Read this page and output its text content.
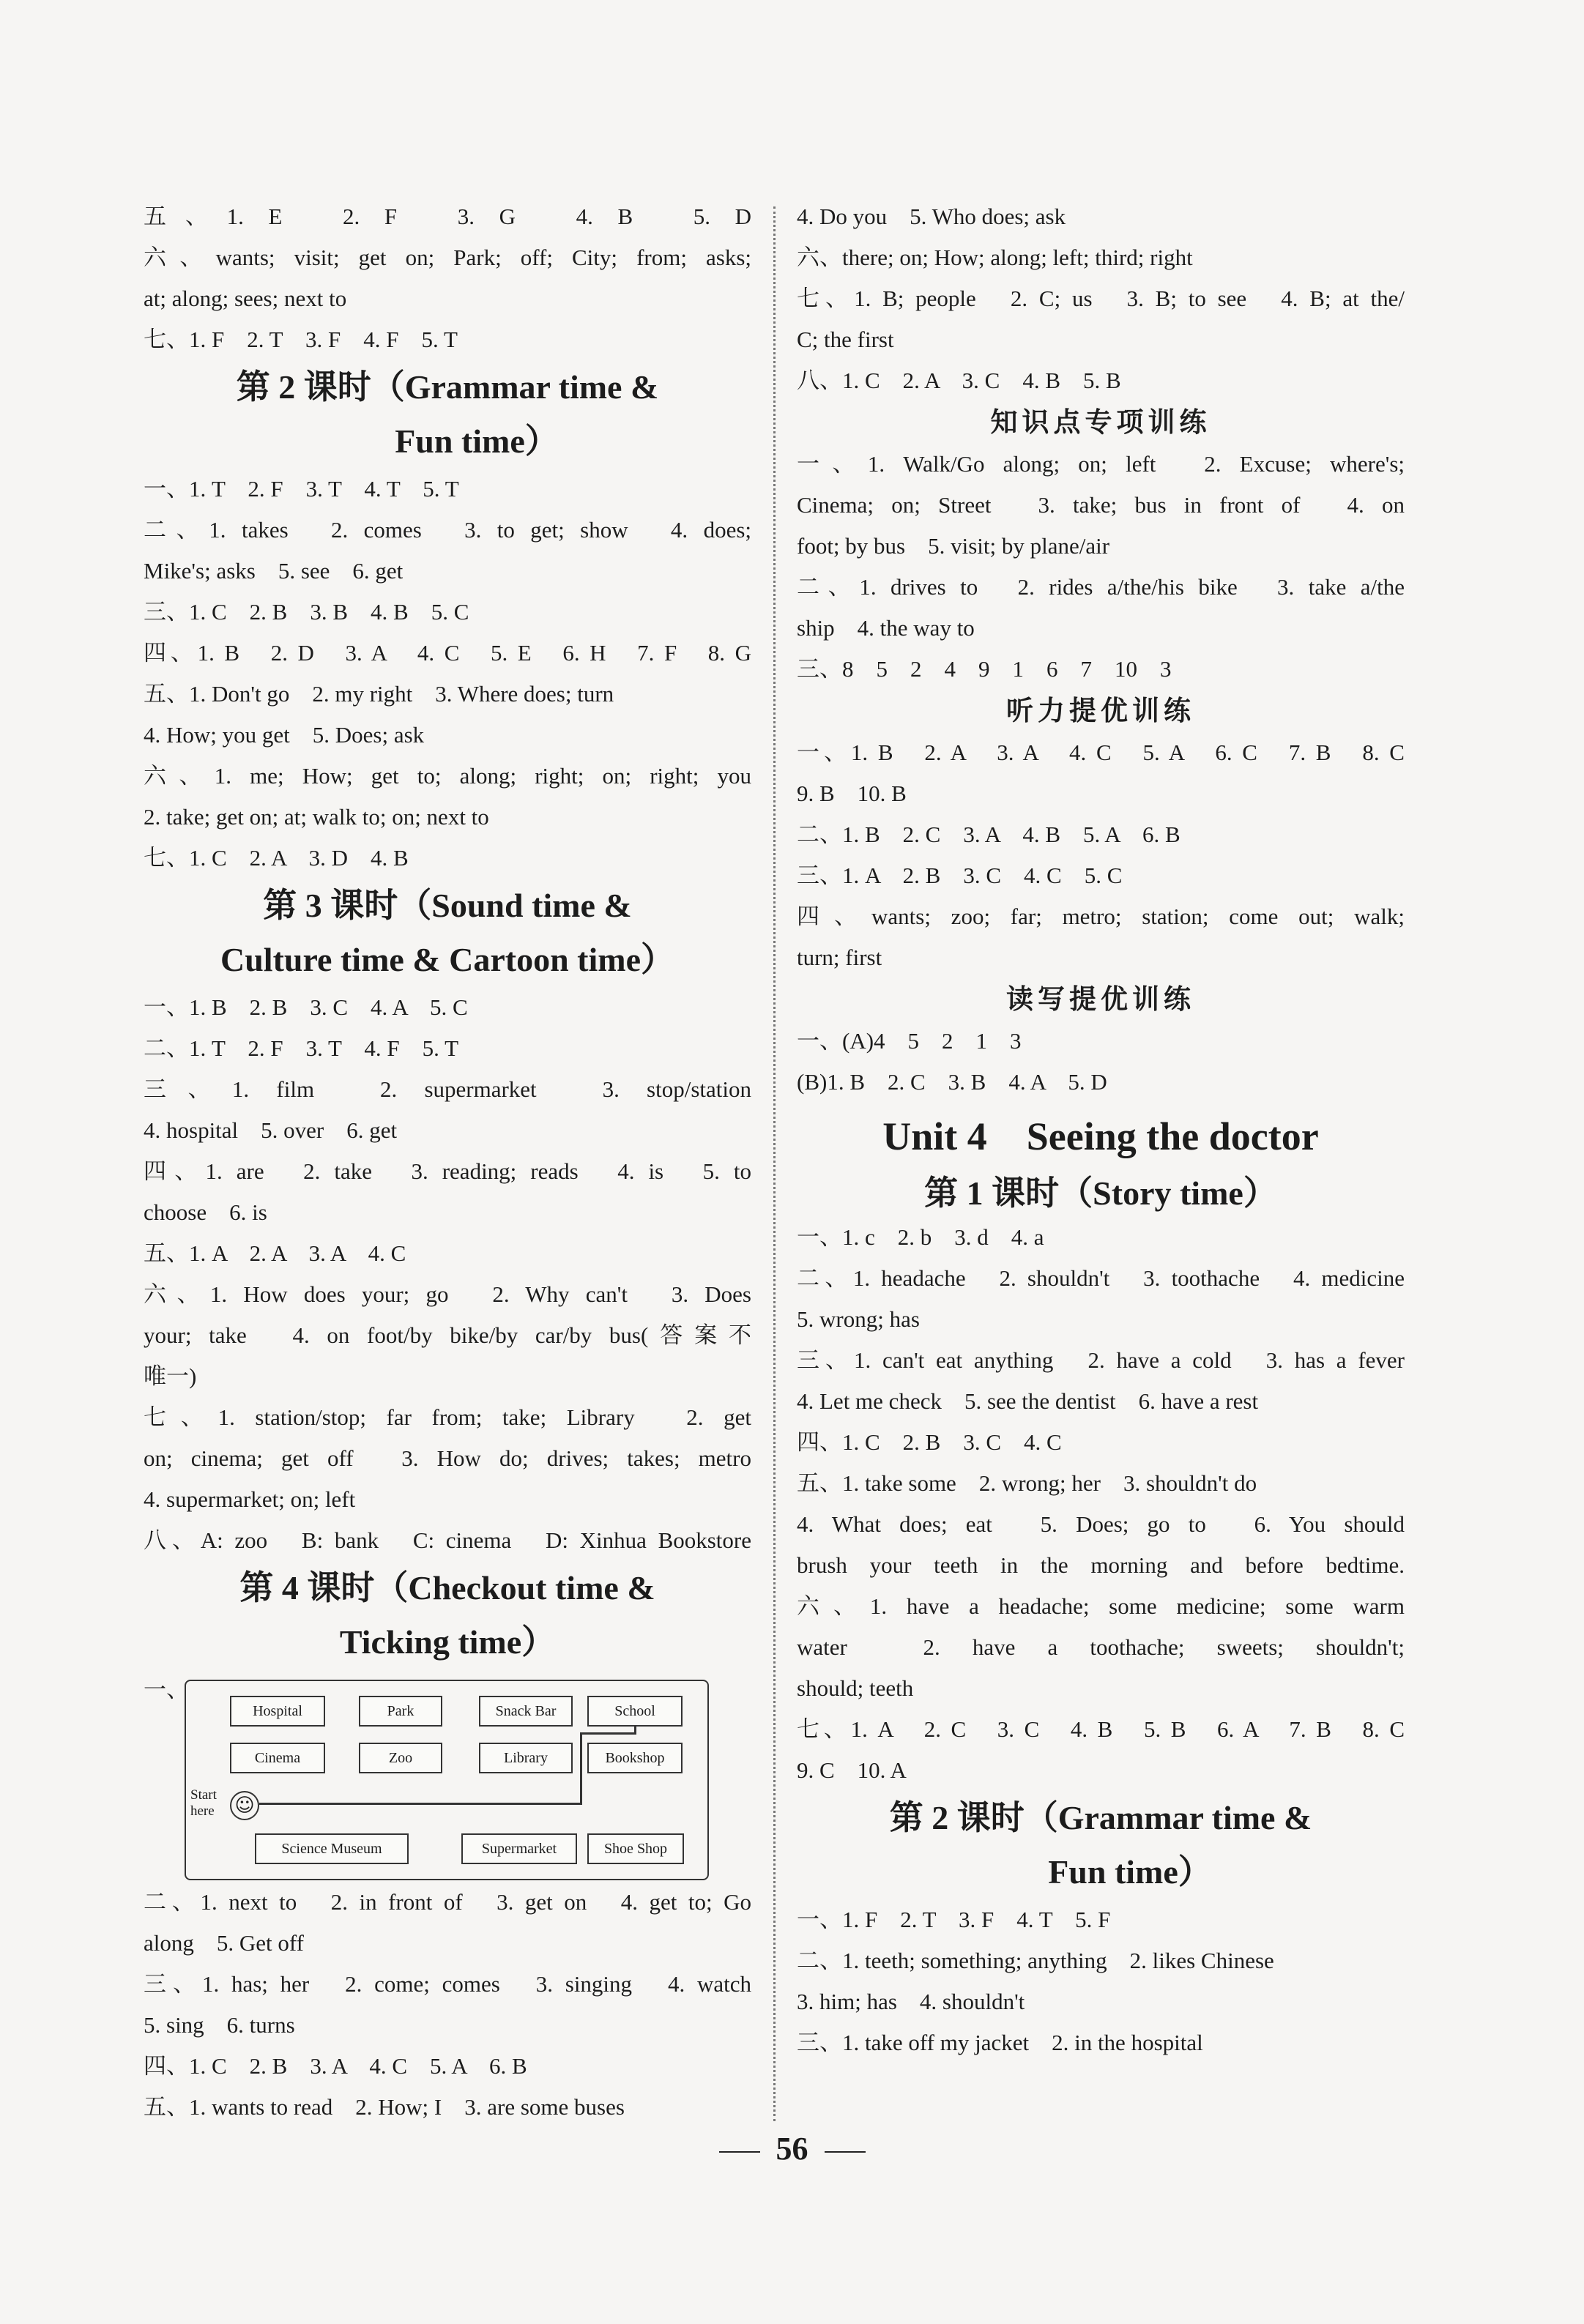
五、1. E　2. F　3. G　4. B　5. D
六、wants; visit; get on; Park; off; City; from; asks;
at; along; sees; next to
七、1. F　2. T　3. F　4. F　5. T
第 2 课时（Grammar time &
Fun time）
一、1. T　2. F　3. T　4. T　5. T
二、1. takes　2. comes　3. to get; show　4. does;
Mike's; asks　5. see　6. get
三、1. C　2. B　3. B　4. B　5. C
四、1. B　2. D　3. A　4. C　5. E　6. H　7. F　8. G
五、1. Don't go　2. my right　3. Where does; turn
4. How; you get　5. Does; ask
六、1. me; How; get to; along; right; on; right; you
2. take; get on; at; walk to; on; next to
七、1. C　2. A　3. D　4. B
第 3 课时（Sound time &
Culture time & Cartoon time）
一、1. B　2. B　3. C　4. A　5. C
二、1. T　2. F　3. T　4. F　5. T
三、1. film　2. supermarket　3. stop/station
4. hospital　5. over　6. get
四、1. are　2. take　3. reading; reads　4. is　5. to
choose　6. is
五、1. A　2. A　3. A　4. C
六、1. How does your; go　2. Why can't　3. Does
your; take　4. on foot/by bike/by car/by bus(答案不
唯一)
七、1. station/stop; far from; take; Library　2. get
on; cinema; get off　3. How do; drives; takes; metro
4. supermarket; on; left
八、A: zoo　B: bank　C: cinema　D: Xinhua Bookstore
第 4 课时（Checkout time &
Ticking time）
一、
Hospital	Park	Snack Bar	School
Cinema	Zoo	Library	Bookshop
Science Museum	Supermarket	Shoe Shop
Start
here ☺
二、1. next to　2. in front of　3. get on　4. get to; Go
along　5. Get off
三、1. has; her　2. come; comes　3. singing　4. watch
5. sing　6. turns
四、1. C　2. B　3. A　4. C　5. A　6. B
五、1. wants to read　2. How; I　3. are some buses
4. Do you　5. Who does; ask
六、there; on; How; along; left; third; right
七、1. B; people　2. C; us　3. B; to see　4. B; at the/
C; the first
八、1. C　2. A　3. C　4. B　5. B
知识点专项训练
一、1. Walk/Go along; on; left　2. Excuse; where's;
Cinema; on; Street　3. take; bus in front of　4. on
foot; by bus　5. visit; by plane/air
二、1. drives to　2. rides a/the/his bike　3. take a/the
ship　4. the way to
三、8　5　2　4　9　1　6　7　10　3
听力提优训练
一、1. B　2. A　3. A　4. C　5. A　6. C　7. B　8. C
9. B　10. B
二、1. B　2. C　3. A　4. B　5. A　6. B
三、1. A　2. B　3. C　4. C　5. C
四、wants; zoo; far; metro; station; come out; walk;
turn; first
读写提优训练
一、(A)4　5　2　1　3
(B)1. B　2. C　3. B　4. A　5. D
Unit 4　Seeing the doctor
第 1 课时（Story time）
一、1. c　2. b　3. d　4. a
二、1. headache　2. shouldn't　3. toothache　4. medicine
5. wrong; has
三、1. can't eat anything　2. have a cold　3. has a fever
4. Let me check　5. see the dentist　6. have a rest
四、1. C　2. B　3. C　4. C
五、1. take some　2. wrong; her　3. shouldn't do
4. What does; eat　5. Does; go to　6. You should
brush your teeth in the morning and before bedtime.
六、1. have a headache; some medicine; some warm
water　2. have a toothache; sweets; shouldn't;
should; teeth
七、1. A　2. C　3. C　4. B　5. B　6. A　7. B　8. C
9. C　10. A
第 2 课时（Grammar time &
Fun time）
一、1. F　2. T　3. F　4. T　5. F
二、1. teeth; something; anything　2. likes Chinese
3. him; has　4. shouldn't
三、1. take off my jacket　2. in the hospital
56
